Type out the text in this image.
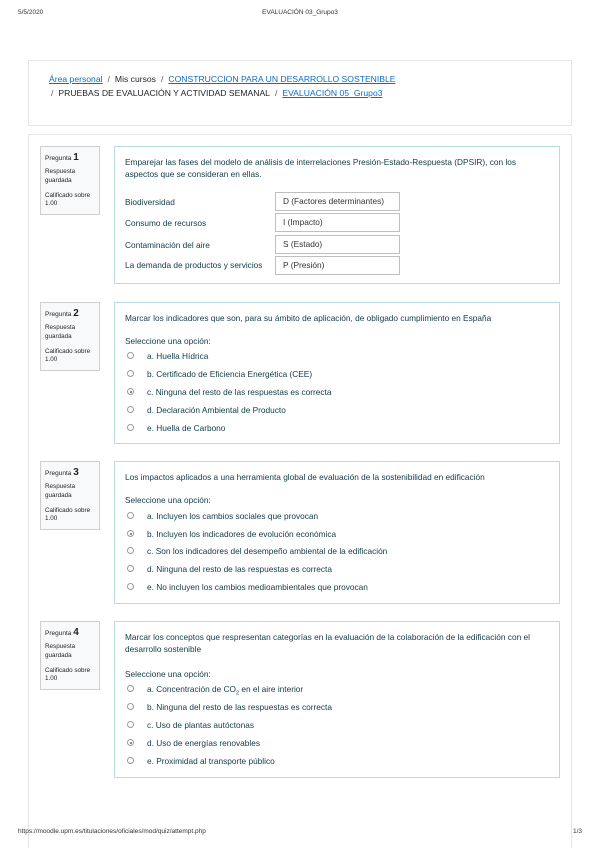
5/5/2020	EVALUACIÓN 03_Grupo3
Área personal / Mis cursos / CONSTRUCCION PARA UN DESARROLLO SOSTENIBLE
/ PRUEBAS DE EVALUACIÓN Y ACTIVIDAD SEMANAL / EVALUACIÓN 05_Grupo3
Pregunta 1
Respuesta guardada
Calificado sobre 1.00
Emparejar las fases del modelo de análisis de interrelaciones Presión-Estado-Respuesta (DPSIR), con los aspectos que se consideran en ellas.
Biodiversidad	D (Factores determinantes)
Consumo de recursos	I (Impacto)
Contaminación del aire	S (Estado)
La demanda de productos y servicios	P (Presión)
Pregunta 2
Respuesta guardada
Calificado sobre 1.00
Marcar los indicadores que son, para su ámbito de aplicación, de obligado cumplimiento en España
Seleccione una opción:
a. Huella Hídrica
b. Certificado de Eficiencia Energética (CEE)
c. Ninguna del resto de las respuestas es correcta
d. Declaración Ambiental de Producto
e. Huella de Carbono
Pregunta 3
Respuesta guardada
Calificado sobre 1.00
Los impactos aplicados a una herramienta global de evaluación de la sostenibilidad en edificación
Seleccione una opción:
a. Incluyen los cambios sociales que provocan
b. Incluyen los indicadores de evolución económica
c. Son los indicadores del desempeño ambiental de la edificación
d. Ninguna del resto de las respuestas es correcta
e. No incluyen los cambios medioambientales que provocan
Pregunta 4
Respuesta guardada
Calificado sobre 1.00
Marcar los conceptos que respresentan categorías en la evaluación de la colaboración de la edificación con el desarrollo sostenible
Seleccione una opción:
a. Concentración de $CO_2$ en el aire interior
b. Ninguna del resto de las respuestas es correcta
c. Uso de plantas autóctonas
d. Uso de energías renovables
e. Proximidad al transporte público
https://moodle.upm.es/titulaciones/oficiales/mod/quiz/attempt.php	1/3
